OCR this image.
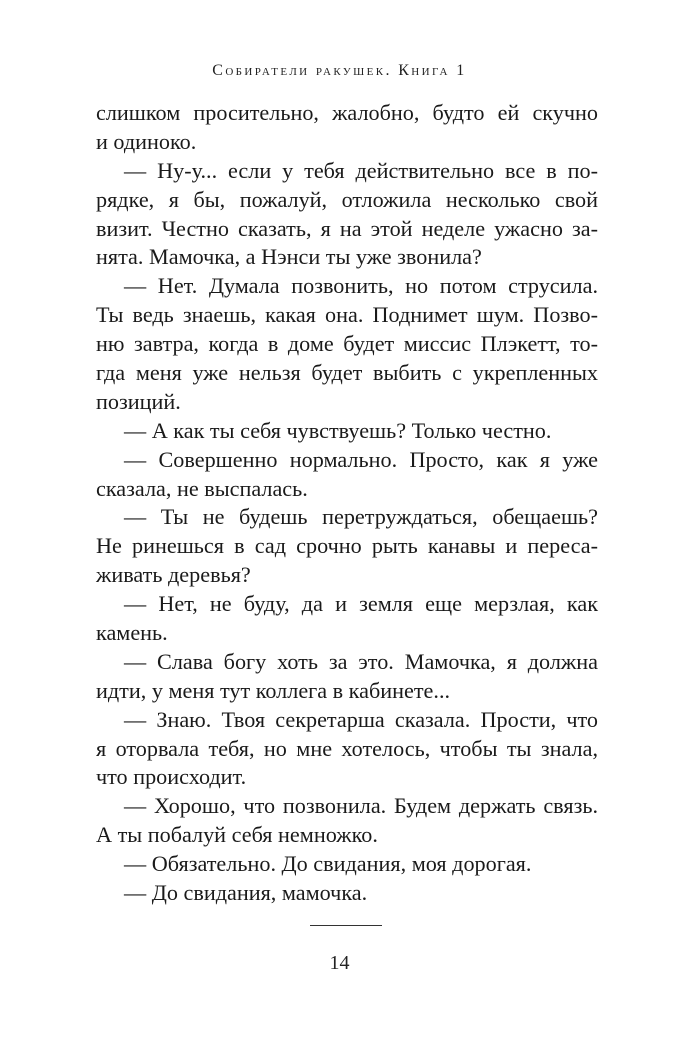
Собиратели ракушек. Книга 1
слишком просительно, жалобно, будто ей скучно
и одиноко.
— Ну-у... если у тебя действительно все в по-
рядке, я бы, пожалуй, отложила несколько свой
визит. Честно сказать, я на этой неделе ужасно за-
нята. Мамочка, а Нэнси ты уже звонила?
— Нет. Думала позвонить, но потом струсила.
Ты ведь знаешь, какая она. Поднимет шум. Позво-
ню завтра, когда в доме будет миссис Плэкетт, то-
гда меня уже нельзя будет выбить с укрепленных
позиций.
— А как ты себя чувствуешь? Только честно.
— Совершенно нормально. Просто, как я уже
сказала, не выспалась.
— Ты не будешь перетруждаться, обещаешь?
Не ринешься в сад срочно рыть канавы и переса-
живать деревья?
— Нет, не буду, да и земля еще мерзлая, как
камень.
— Слава богу хоть за это. Мамочка, я должна
идти, у меня тут коллега в кабинете...
— Знаю. Твоя секретарша сказала. Прости, что
я оторвала тебя, но мне хотелось, чтобы ты знала,
что происходит.
— Хорошо, что позвонила. Будем держать связь.
А ты побалуй себя немножко.
— Обязательно. До свидания, моя дорогая.
— До свидания, мамочка.
14
